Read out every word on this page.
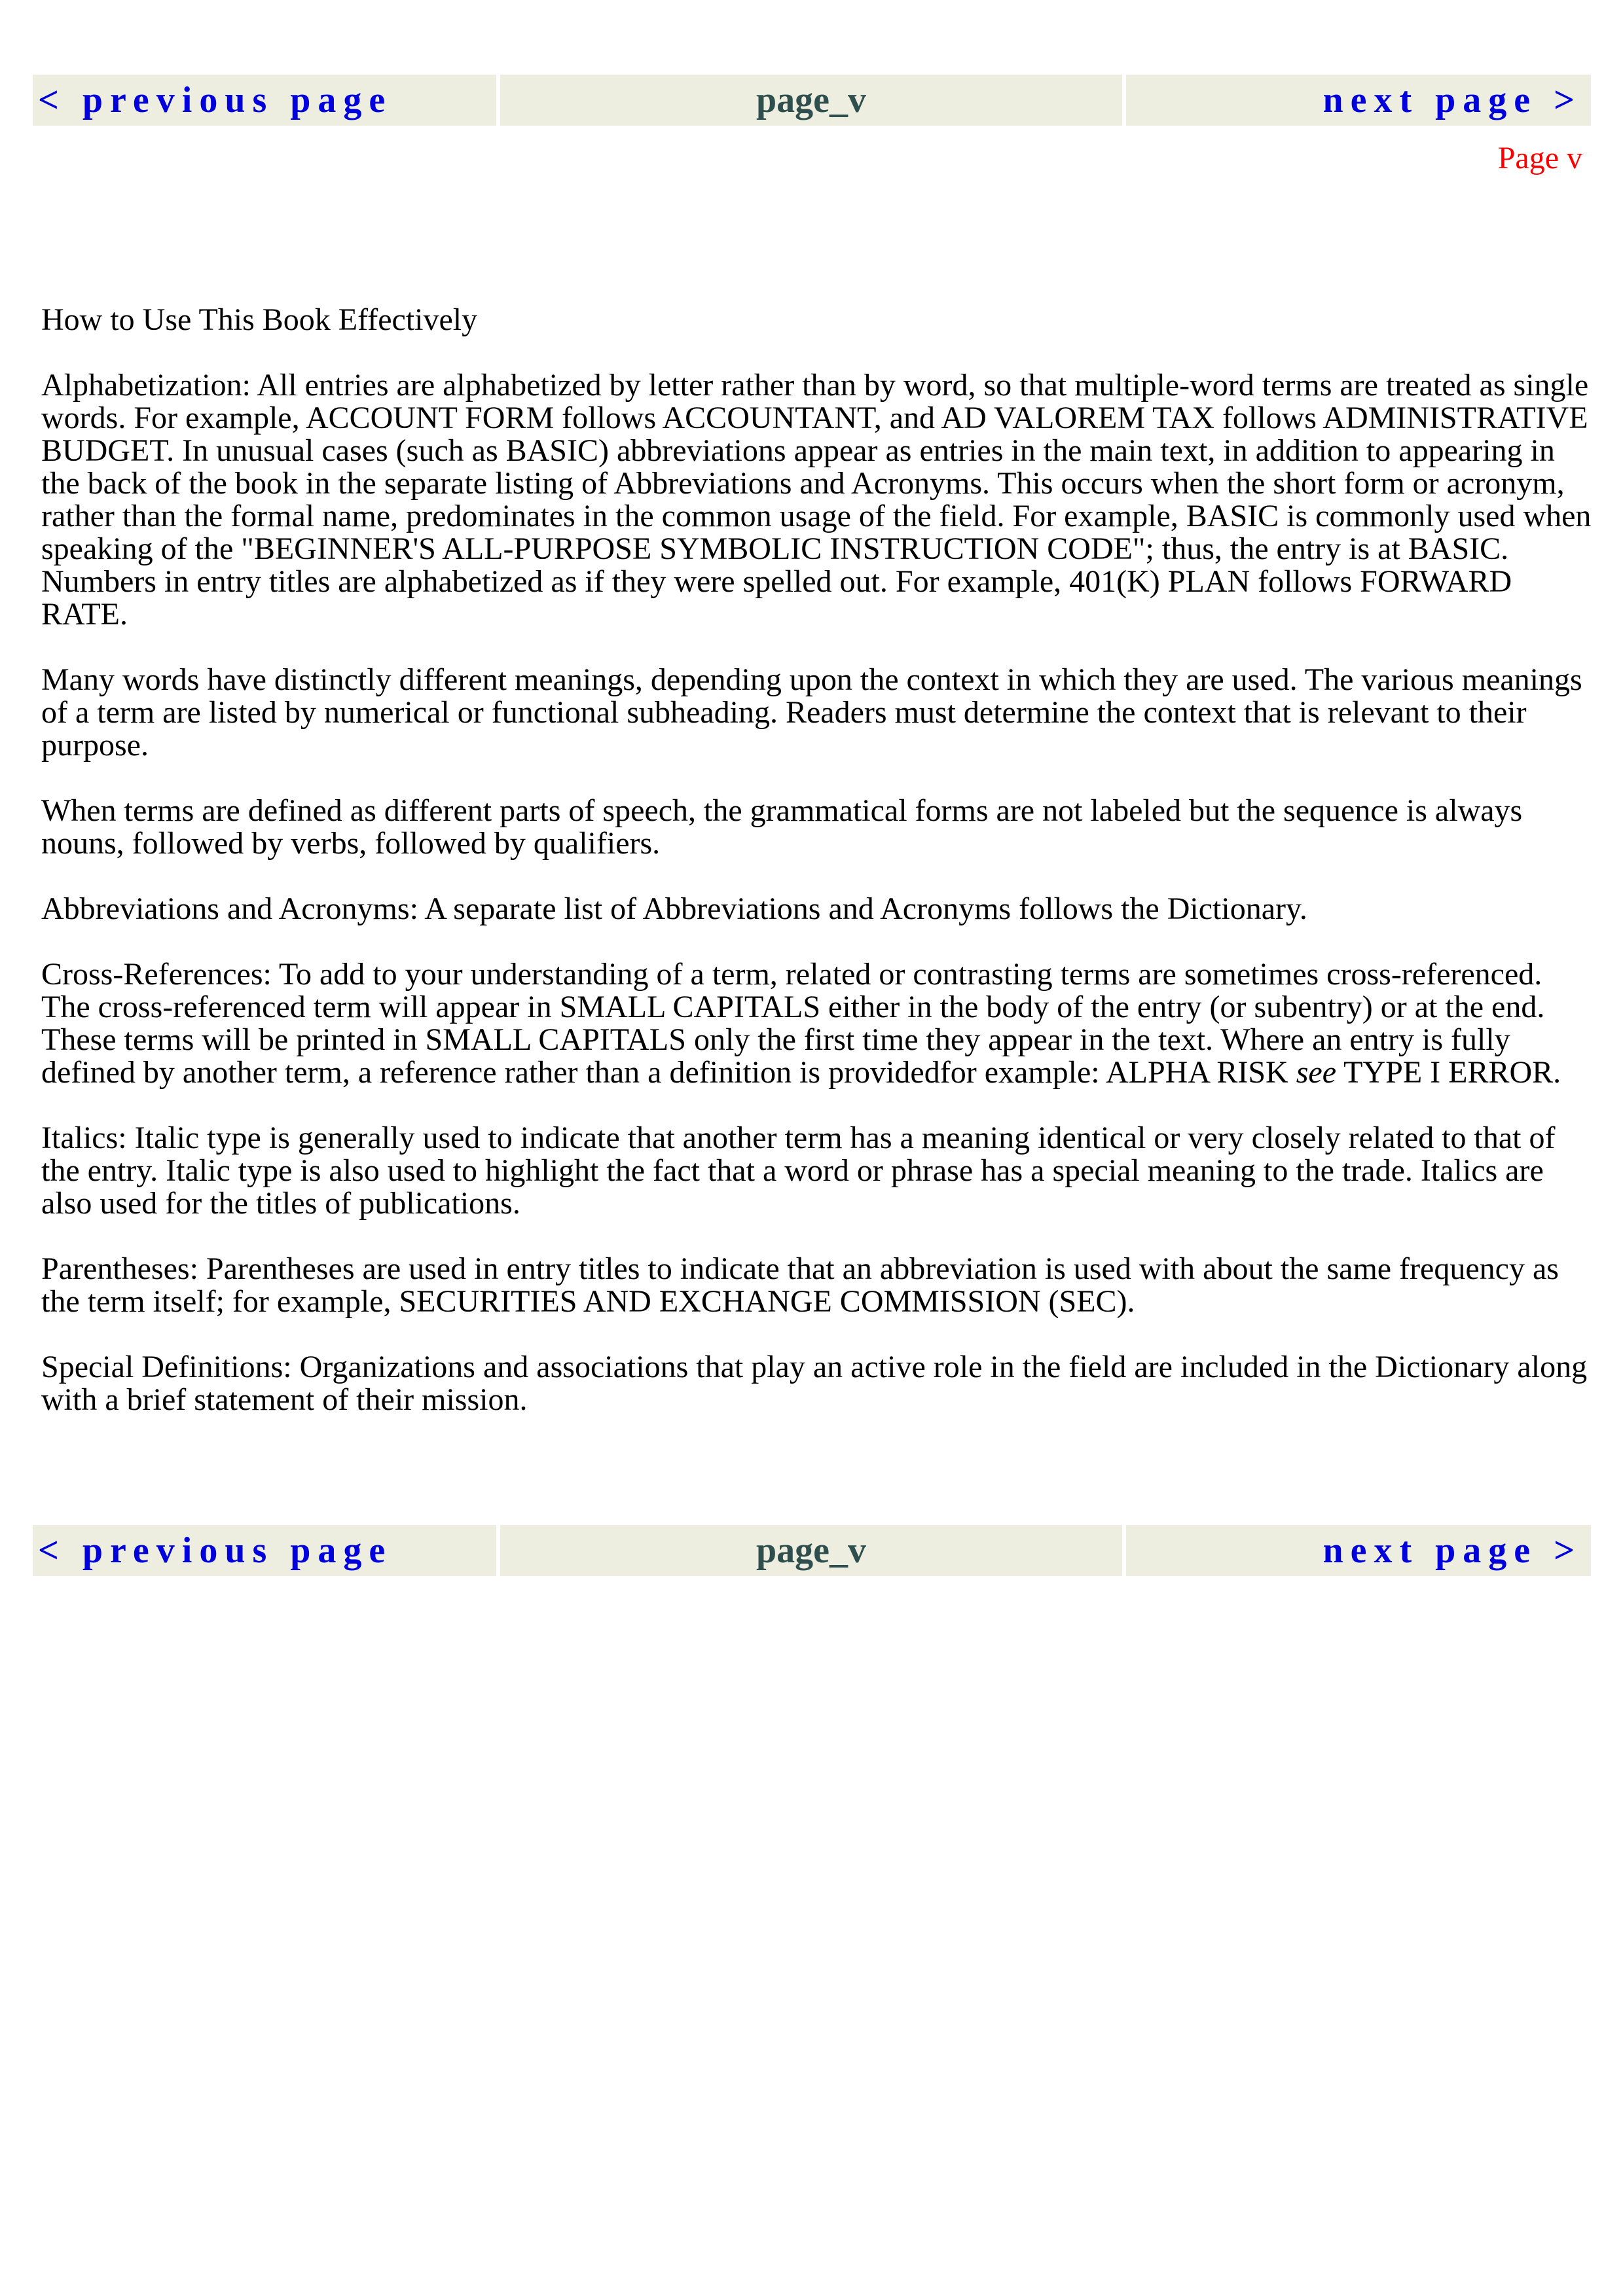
< previous page	page_v	next page >
Page v

How to Use This Book Effectively

Alphabetization: All entries are alphabetized by letter rather than by word, so that multiple-word terms are treated as single words. For example, ACCOUNT FORM follows ACCOUNTANT, and AD VALOREM TAX follows ADMINISTRATIVE BUDGET. In unusual cases (such as BASIC) abbreviations appear as entries in the main text, in addition to appearing in the back of the book in the separate listing of Abbreviations and Acronyms. This occurs when the short form or acronym, rather than the formal name, predominates in the common usage of the field. For example, BASIC is commonly used when speaking of the "BEGINNER'S ALL-PURPOSE SYMBOLIC INSTRUCTION CODE"; thus, the entry is at BASIC. Numbers in entry titles are alphabetized as if they were spelled out. For example, 401(K) PLAN follows FORWARD RATE.

Many words have distinctly different meanings, depending upon the context in which they are used. The various meanings of a term are listed by numerical or functional subheading. Readers must determine the context that is relevant to their purpose.

When terms are defined as different parts of speech, the grammatical forms are not labeled but the sequence is always nouns, followed by verbs, followed by qualifiers.

Abbreviations and Acronyms: A separate list of Abbreviations and Acronyms follows the Dictionary.

Cross-References: To add to your understanding of a term, related or contrasting terms are sometimes cross-referenced. The cross-referenced term will appear in SMALL CAPITALS either in the body of the entry (or subentry) or at the end. These terms will be printed in SMALL CAPITALS only the first time they appear in the text. Where an entry is fully defined by another term, a reference rather than a definition is providedfor example: ALPHA RISK see TYPE I ERROR.

Italics: Italic type is generally used to indicate that another term has a meaning identical or very closely related to that of the entry. Italic type is also used to highlight the fact that a word or phrase has a special meaning to the trade. Italics are also used for the titles of publications.

Parentheses: Parentheses are used in entry titles to indicate that an abbreviation is used with about the same frequency as the term itself; for example, SECURITIES AND EXCHANGE COMMISSION (SEC).

Special Definitions: Organizations and associations that play an active role in the field are included in the Dictionary along with a brief statement of their mission.

< previous page	page_v	next page >
